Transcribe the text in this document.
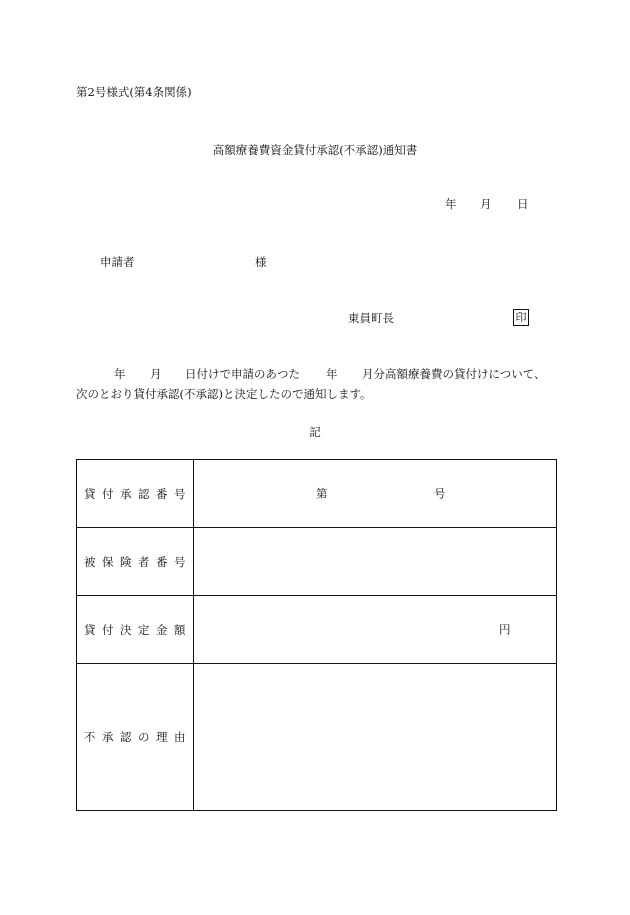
第2号様式(第4条関係)
高額療養費資金貸付承認(不承認)通知書
年 月 日
申請者	様
東員町長	印
年 月 日付けで申請のあつた 年 月分高額療養費の貸付けについて、
次のとおり貸付承認(不承認)と決定したので通知します。
記
貸付承認番号	第 号

被保険者番号	
貸付決定金額	円

不承認の理由	
